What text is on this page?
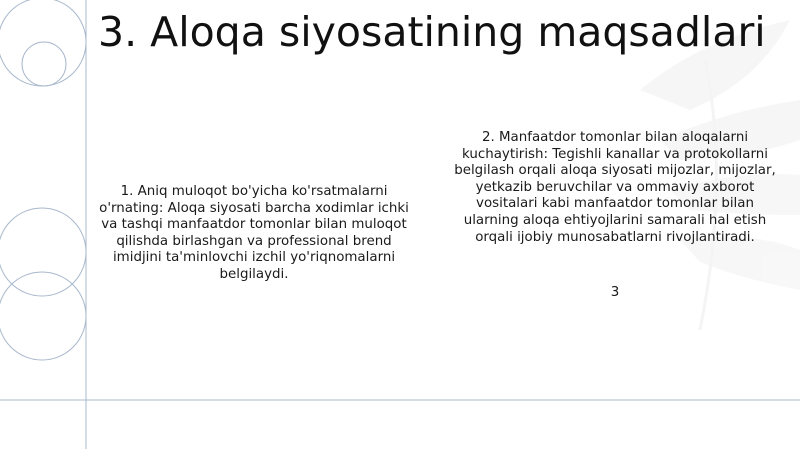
3. Aloqa siyosatining maqsadlari
1. Aniq muloqot bo'yicha ko'rsatmalarni o'rnating: Aloqa siyosati barcha xodimlar ichki va tashqi manfaatdor tomonlar bilan muloqot qilishda birlashgan va professional brend imidjini ta'minlovchi izchil yo'riqnomalarni belgilaydi.
2. Manfaatdor tomonlar bilan aloqalarni kuchaytirish: Tegishli kanallar va protokollarni belgilash orqali aloqa siyosati mijozlar, mijozlar, yetkazib beruvchilar va ommaviy axborot vositalari kabi manfaatdor tomonlar bilan ularning aloqa ehtiyojlarini samarali hal etish orqali ijobiy munosabatlarni rivojlantiradi.
3
